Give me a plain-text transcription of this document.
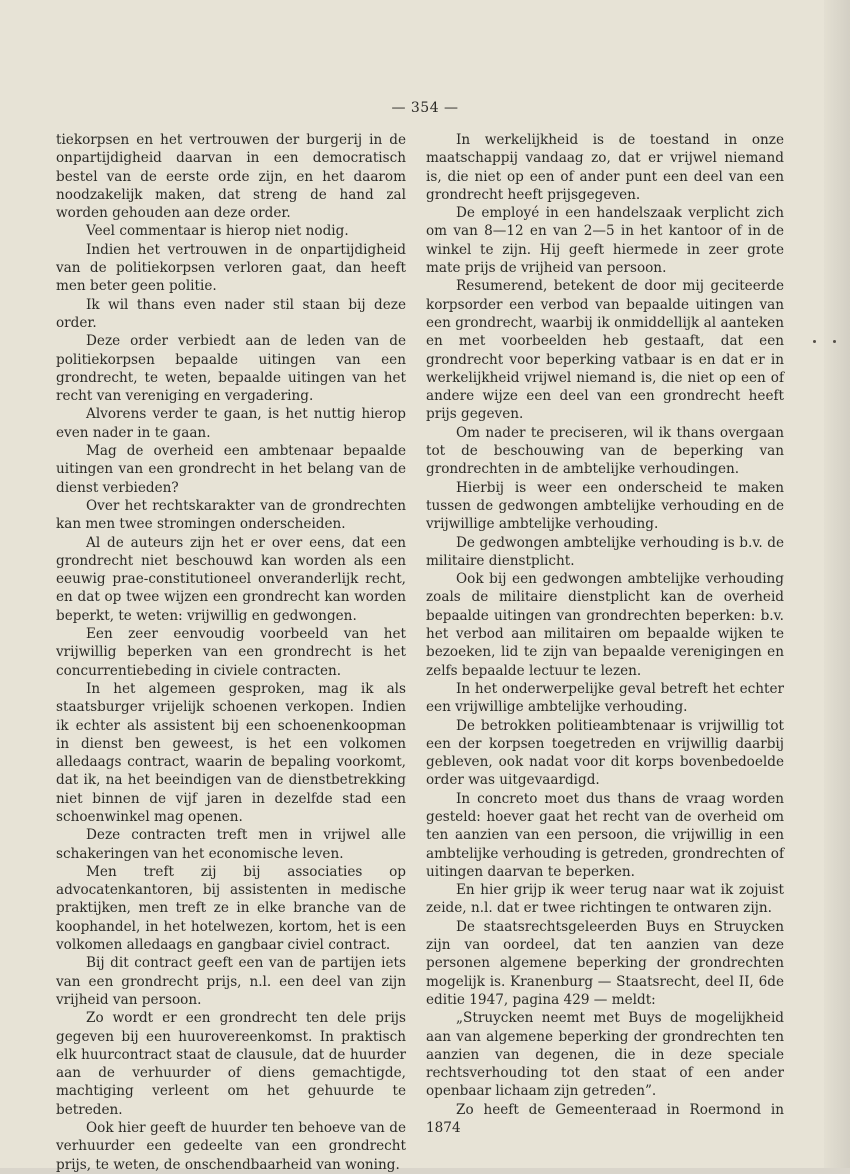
— 354 —

tiekorpsen en het vertrouwen der burgerij in de onpartijdigheid daarvan in een democratisch bestel van de eerste orde zijn, en het daarom noodzakelijk maken, dat streng de hand zal worden gehouden aan deze order.

Veel commentaar is hierop niet nodig.

Indien het vertrouwen in de onpartijdigheid van de politiekorpsen verloren gaat, dan heeft men beter geen politie.

Ik wil thans even nader stil staan bij deze order.

Deze order verbiedt aan de leden van de politiekorpsen bepaalde uitingen van een grondrecht, te weten, bepaalde uitingen van het recht van vereniging en vergadering.

Alvorens verder te gaan, is het nuttig hierop even nader in te gaan.

Mag de overheid een ambtenaar bepaalde uitingen van een grondrecht in het belang van de dienst verbieden?

Over het rechtskarakter van de grondrechten kan men twee stromingen onderscheiden.

Al de auteurs zijn het er over eens, dat een grondrecht niet beschouwd kan worden als een eeuwig prae-constitutioneel onveranderlijk recht, en dat op twee wijzen een grondrecht kan worden beperkt, te weten: vrijwillig en gedwongen.

Een zeer eenvoudig voorbeeld van het vrijwillig beperken van een grondrecht is het concurrentiebeding in civiele contracten.

In het algemeen gesproken, mag ik als staatsburger vrijelijk schoenen verkopen. Indien ik echter als assistent bij een schoenenkoopman in dienst ben geweest, is het een volkomen alledaags contract, waarin de bepaling voorkomt, dat ik, na het beeindigen van de dienstbetrekking niet binnen de vijf jaren in dezelfde stad een schoenwinkel mag openen.

Deze contracten treft men in vrijwel alle schakeringen van het economische leven.

Men treft zij bij associaties op advocatenkantoren, bij assistenten in medische praktijken, men treft ze in elke branche van de koophandel, in het hotelwezen, kortom, het is een volkomen alledaags en gangbaar civiel contract.

Bij dit contract geeft een van de partijen iets van een grondrecht prijs, n.l. een deel van zijn vrijheid van persoon.

Zo wordt er een grondrecht ten dele prijs gegeven bij een huurovereenkomst. In praktisch elk huurcontract staat de clausule, dat de huurder aan de verhuurder of diens gemachtigde, machtiging verleent om het gehuurde te betreden.

Ook hier geeft de huurder ten behoeve van de verhuurder een gedeelte van een grondrecht prijs, te weten, de onschendbaarheid van woning.

In werkelijkheid is de toestand in onze maatschappij vandaag zo, dat er vrijwel niemand is, die niet op een of ander punt een deel van een grondrecht heeft prijsgegeven.

De employé in een handelszaak verplicht zich om van 8—12 en van 2—5 in het kantoor of in de winkel te zijn. Hij geeft hiermede in zeer grote mate prijs de vrijheid van persoon.

Resumerend, betekent de door mij geciteerde korpsorder een verbod van bepaalde uitingen van een grondrecht, waarbij ik onmiddellijk al aanteken en met voorbeelden heb gestaaft, dat een grondrecht voor beperking vatbaar is en dat er in werkelijkheid vrijwel niemand is, die niet op een of andere wijze een deel van een grondrecht heeft prijs gegeven.

Om nader te preciseren, wil ik thans overgaan tot de beschouwing van de beperking van grondrechten in de ambtelijke verhoudingen.

Hierbij is weer een onderscheid te maken tussen de gedwongen ambtelijke verhouding en de vrijwillige ambtelijke verhouding.

De gedwongen ambtelijke verhouding is b.v. de militaire dienstplicht.

Ook bij een gedwongen ambtelijke verhouding zoals de militaire dienstplicht kan de overheid bepaalde uitingen van grondrechten beperken: b.v. het verbod aan militairen om bepaalde wijken te bezoeken, lid te zijn van bepaalde verenigingen en zelfs bepaalde lectuur te lezen.

In het onderwerpelijke geval betreft het echter een vrijwillige ambtelijke verhouding.

De betrokken politieambtenaar is vrijwillig tot een der korpsen toegetreden en vrijwillig daarbij gebleven, ook nadat voor dit korps bovenbedoelde order was uitgevaardigd.

In concreto moet dus thans de vraag worden gesteld: hoever gaat het recht van de overheid om ten aanzien van een persoon, die vrijwillig in een ambtelijke verhouding is getreden, grondrechten of uitingen daarvan te beperken.

En hier grijp ik weer terug naar wat ik zojuist zeide, n.l. dat er twee richtingen te ontwaren zijn.

De staatsrechtsgeleerden Buys en Struycken zijn van oordeel, dat ten aanzien van deze personen algemene beperking der grondrechten mogelijk is. Kranenburg — Staatsrecht, deel II, 6de editie 1947, pagina 429 — meldt:

„Struycken neemt met Buys de mogelijkheid aan van algemene beperking der grondrechten ten aanzien van degenen, die in deze speciale rechtsverhouding tot den staat of een ander openbaar lichaam zijn getreden”.

Zo heeft de Gemeenteraad in Roermond in 1874
